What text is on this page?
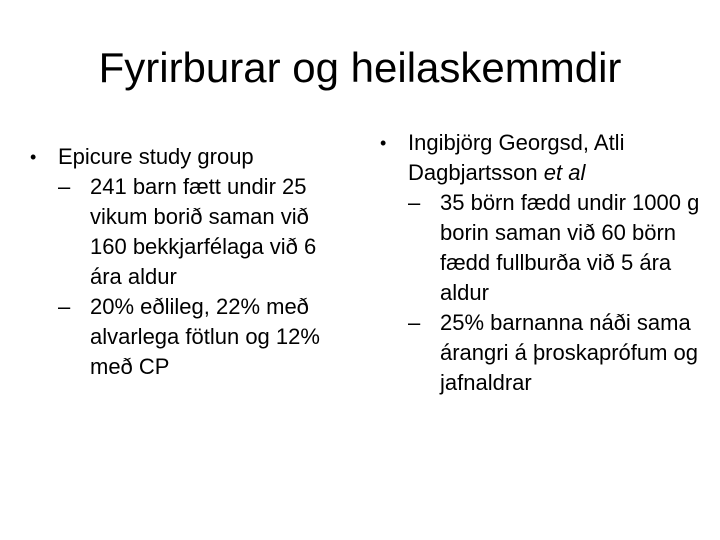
Fyrirburar og heilaskemmdir
• Epicure study group
– 241 barn fætt undir 25 vikum borið saman við 160 bekkjarfélaga við 6 ára aldur
– 20% eðlileg, 22% með alvarlega fötlun og 12% með CP
• Ingibjörg Georgsd, Atli Dagbjartsson et al
– 35 börn fædd undir 1000 g borin saman við 60 börn fædd fullburða við 5 ára aldur
– 25% barnanna náði sama árangri á þroskaprófum og jafnaldrar
